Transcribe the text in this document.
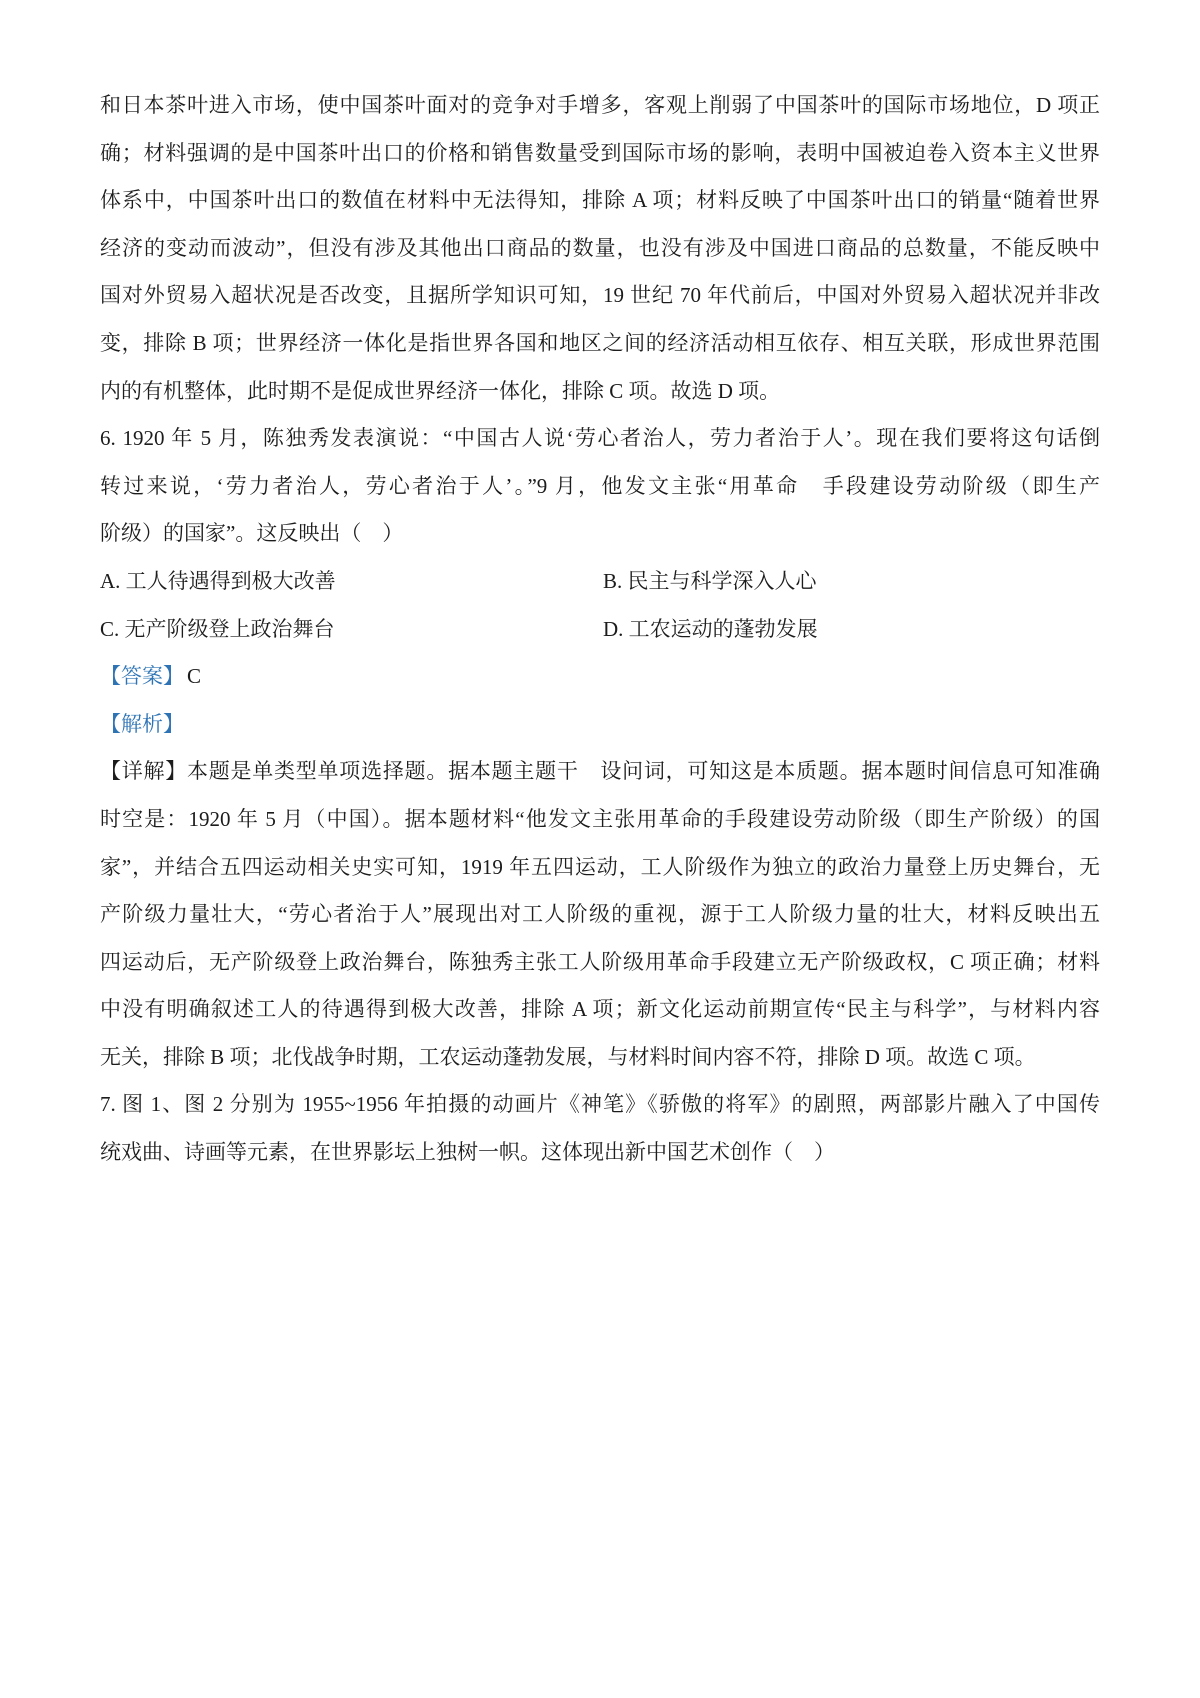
和日本茶叶进入市场，使中国茶叶面对的竞争对手增多，客观上削弱了中国茶叶的国际市场地位，D 项正
确；材料强调的是中国茶叶出口的价格和销售数量受到国际市场的影响，表明中国被迫卷入资本主义世界
体系中，中国茶叶出口的数值在材料中无法得知，排除 A 项；材料反映了中国茶叶出口的销量“随着世界
经济的变动而波动”，但没有涉及其他出口商品的数量，也没有涉及中国进口商品的总数量，不能反映中
国对外贸易入超状况是否改变，且据所学知识可知，19 世纪 70 年代前后，中国对外贸易入超状况并非改
变，排除 B 项；世界经济一体化是指世界各国和地区之间的经济活动相互依存、相互关联，形成世界范围
内的有机整体，此时期不是促成世界经济一体化，排除 C 项。故选 D 项。
6. 1920 年 5 月，陈独秀发表演说：“中国古人说‘劳心者治人，劳力者治于人’。现在我们要将这句话倒
转过来说，‘劳力者治人，劳心者治于人’。”9 月，他发文主张“用革命　手段建设劳动阶级（即生产
阶级）的国家”。这反映出（　）
A. 工人待遇得到极大改善	B. 民主与科学深入人心
C. 无产阶级登上政治舞台	D. 工农运动的蓬勃发展
【答案】 C
【解析】
【详解】本题是单类型单项选择题。据本题主题干　设问词，可知这是本质题。据本题时间信息可知准确
时空是：1920 年 5 月（中国）。据本题材料“他发文主张用革命的手段建设劳动阶级（即生产阶级）的国
家”，并结合五四运动相关史实可知，1919 年五四运动，工人阶级作为独立的政治力量登上历史舞台，无
产阶级力量壮大，“劳心者治于人”展现出对工人阶级的重视，源于工人阶级力量的壮大，材料反映出五
四运动后，无产阶级登上政治舞台，陈独秀主张工人阶级用革命手段建立无产阶级政权，C 项正确；材料
中没有明确叙述工人的待遇得到极大改善，排除 A 项；新文化运动前期宣传“民主与科学”，与材料内容
无关，排除 B 项；北伐战争时期，工农运动蓬勃发展，与材料时间内容不符，排除 D 项。故选 C 项。
7. 图 1、图 2 分别为 1955~1956 年拍摄的动画片《神笔》《骄傲的将军》的剧照，两部影片融入了中国传
统戏曲、诗画等元素，在世界影坛上独树一帜。这体现出新中国艺术创作（　）
